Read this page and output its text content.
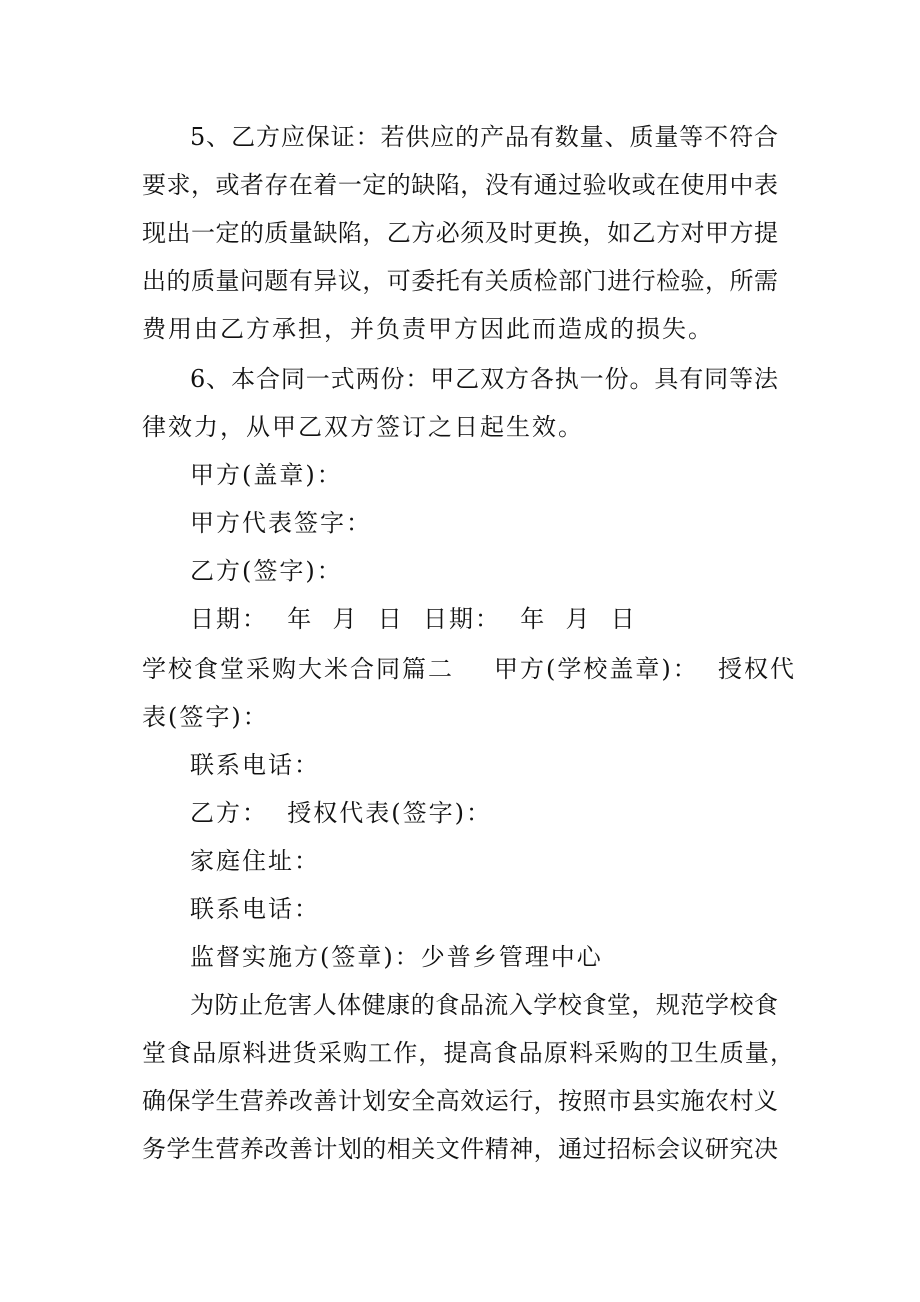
5、乙方应保证：若供应的产品有数量、质量等不符合
要求，或者存在着一定的缺陷，没有通过验收或在使用中表
现出一定的质量缺陷，乙方必须及时更换，如乙方对甲方提
出的质量问题有异议，可委托有关质检部门进行检验，所需
费用由乙方承担，并负责甲方因此而造成的损失。
6、本合同一式两份：甲乙双方各执一份。具有同等法
律效力，从甲乙双方签订之日起生效。
甲方(盖章)：
甲方代表签字：
乙方(签字)：
日期：  年  月  日  日期：  年  月  日
学校食堂采购大米合同篇二 甲方(学校盖章)：  授权代
表(签字)：
联系电话：
乙方：  授权代表(签字)：
家庭住址：
联系电话：
监督实施方(签章)：少普乡管理中心
为防止危害人体健康的食品流入学校食堂，规范学校食
堂食品原料进货采购工作，提高食品原料采购的卫生质量，
确保学生营养改善计划安全高效运行，按照市县实施农村义
务学生营养改善计划的相关文件精神，通过招标会议研究决
